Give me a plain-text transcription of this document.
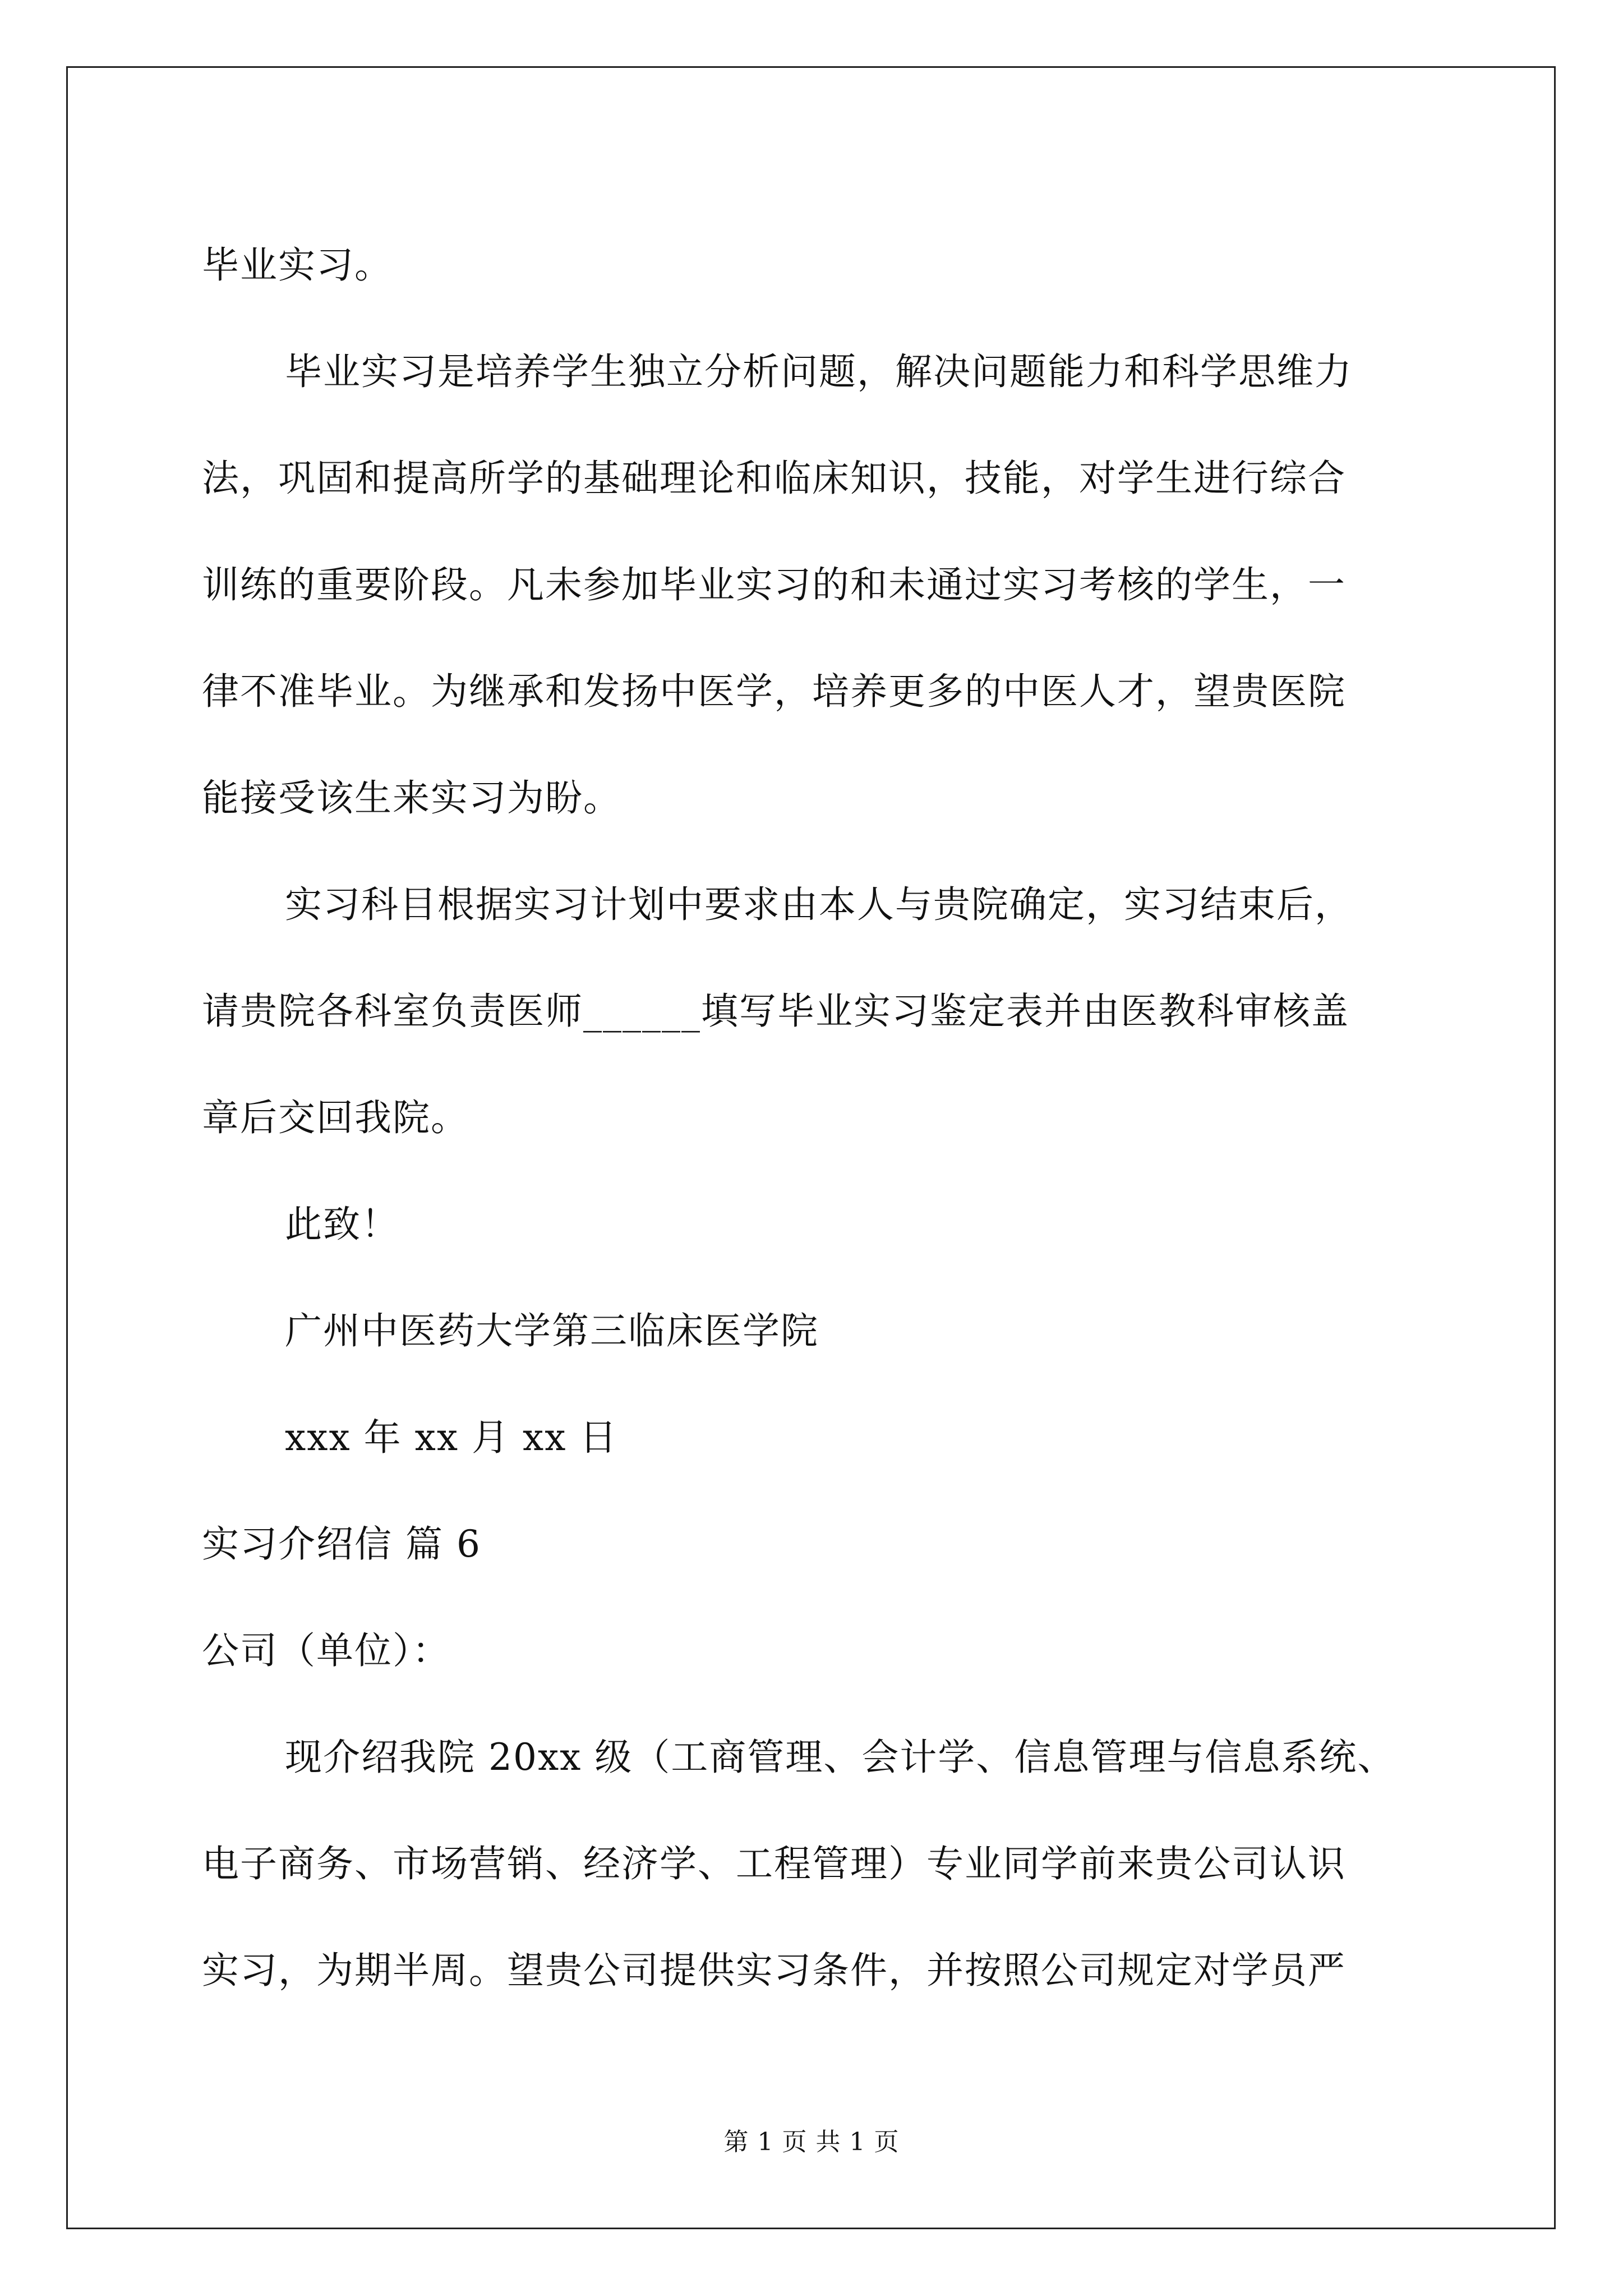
毕业实习。
毕业实习是培养学生独立分析问题，解决问题能力和科学思维力
法，巩固和提高所学的基础理论和临床知识，技能，对学生进行综合
训练的重要阶段。凡未参加毕业实习的和未通过实习考核的学生，一
律不准毕业。为继承和发扬中医学，培养更多的中医人才，望贵医院
能接受该生来实习为盼。
实习科目根据实习计划中要求由本人与贵院确定，实习结束后，
请贵院各科室负责医师______填写毕业实习鉴定表并由医教科审核盖
章后交回我院。
此致！
广州中医药大学第三临床医学院
xxx 年 xx 月 xx 日
实习介绍信 篇 6
公司（单位）：
现介绍我院 20xx 级（工商管理、会计学、信息管理与信息系统、
电子商务、市场营销、经济学、工程管理）专业同学前来贵公司认识
实习，为期半周。望贵公司提供实习条件，并按照公司规定对学员严
第 1 页 共 1 页
